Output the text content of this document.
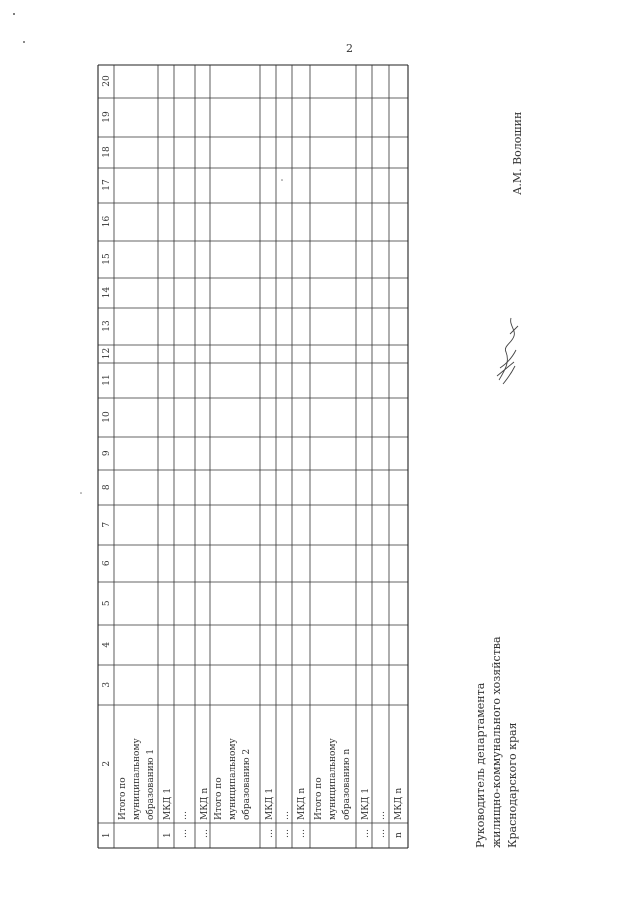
2
1
2
3
4
5
6
7
8
9
10
11
12
13
14
15
16
17
18
19
20
Итого по муниципальному образованию 1
1
МКД 1
…
…
…
МКД n Итого по муниципальному образованию 2
…
МКД 1
…
…
…
МКД n Итого по муниципальному образованию n
…
МКД 1
…
…
n
МКД n	Руководитель департамента жилищно-коммунального хозяйства Краснодарского края
А.М. Волошин
